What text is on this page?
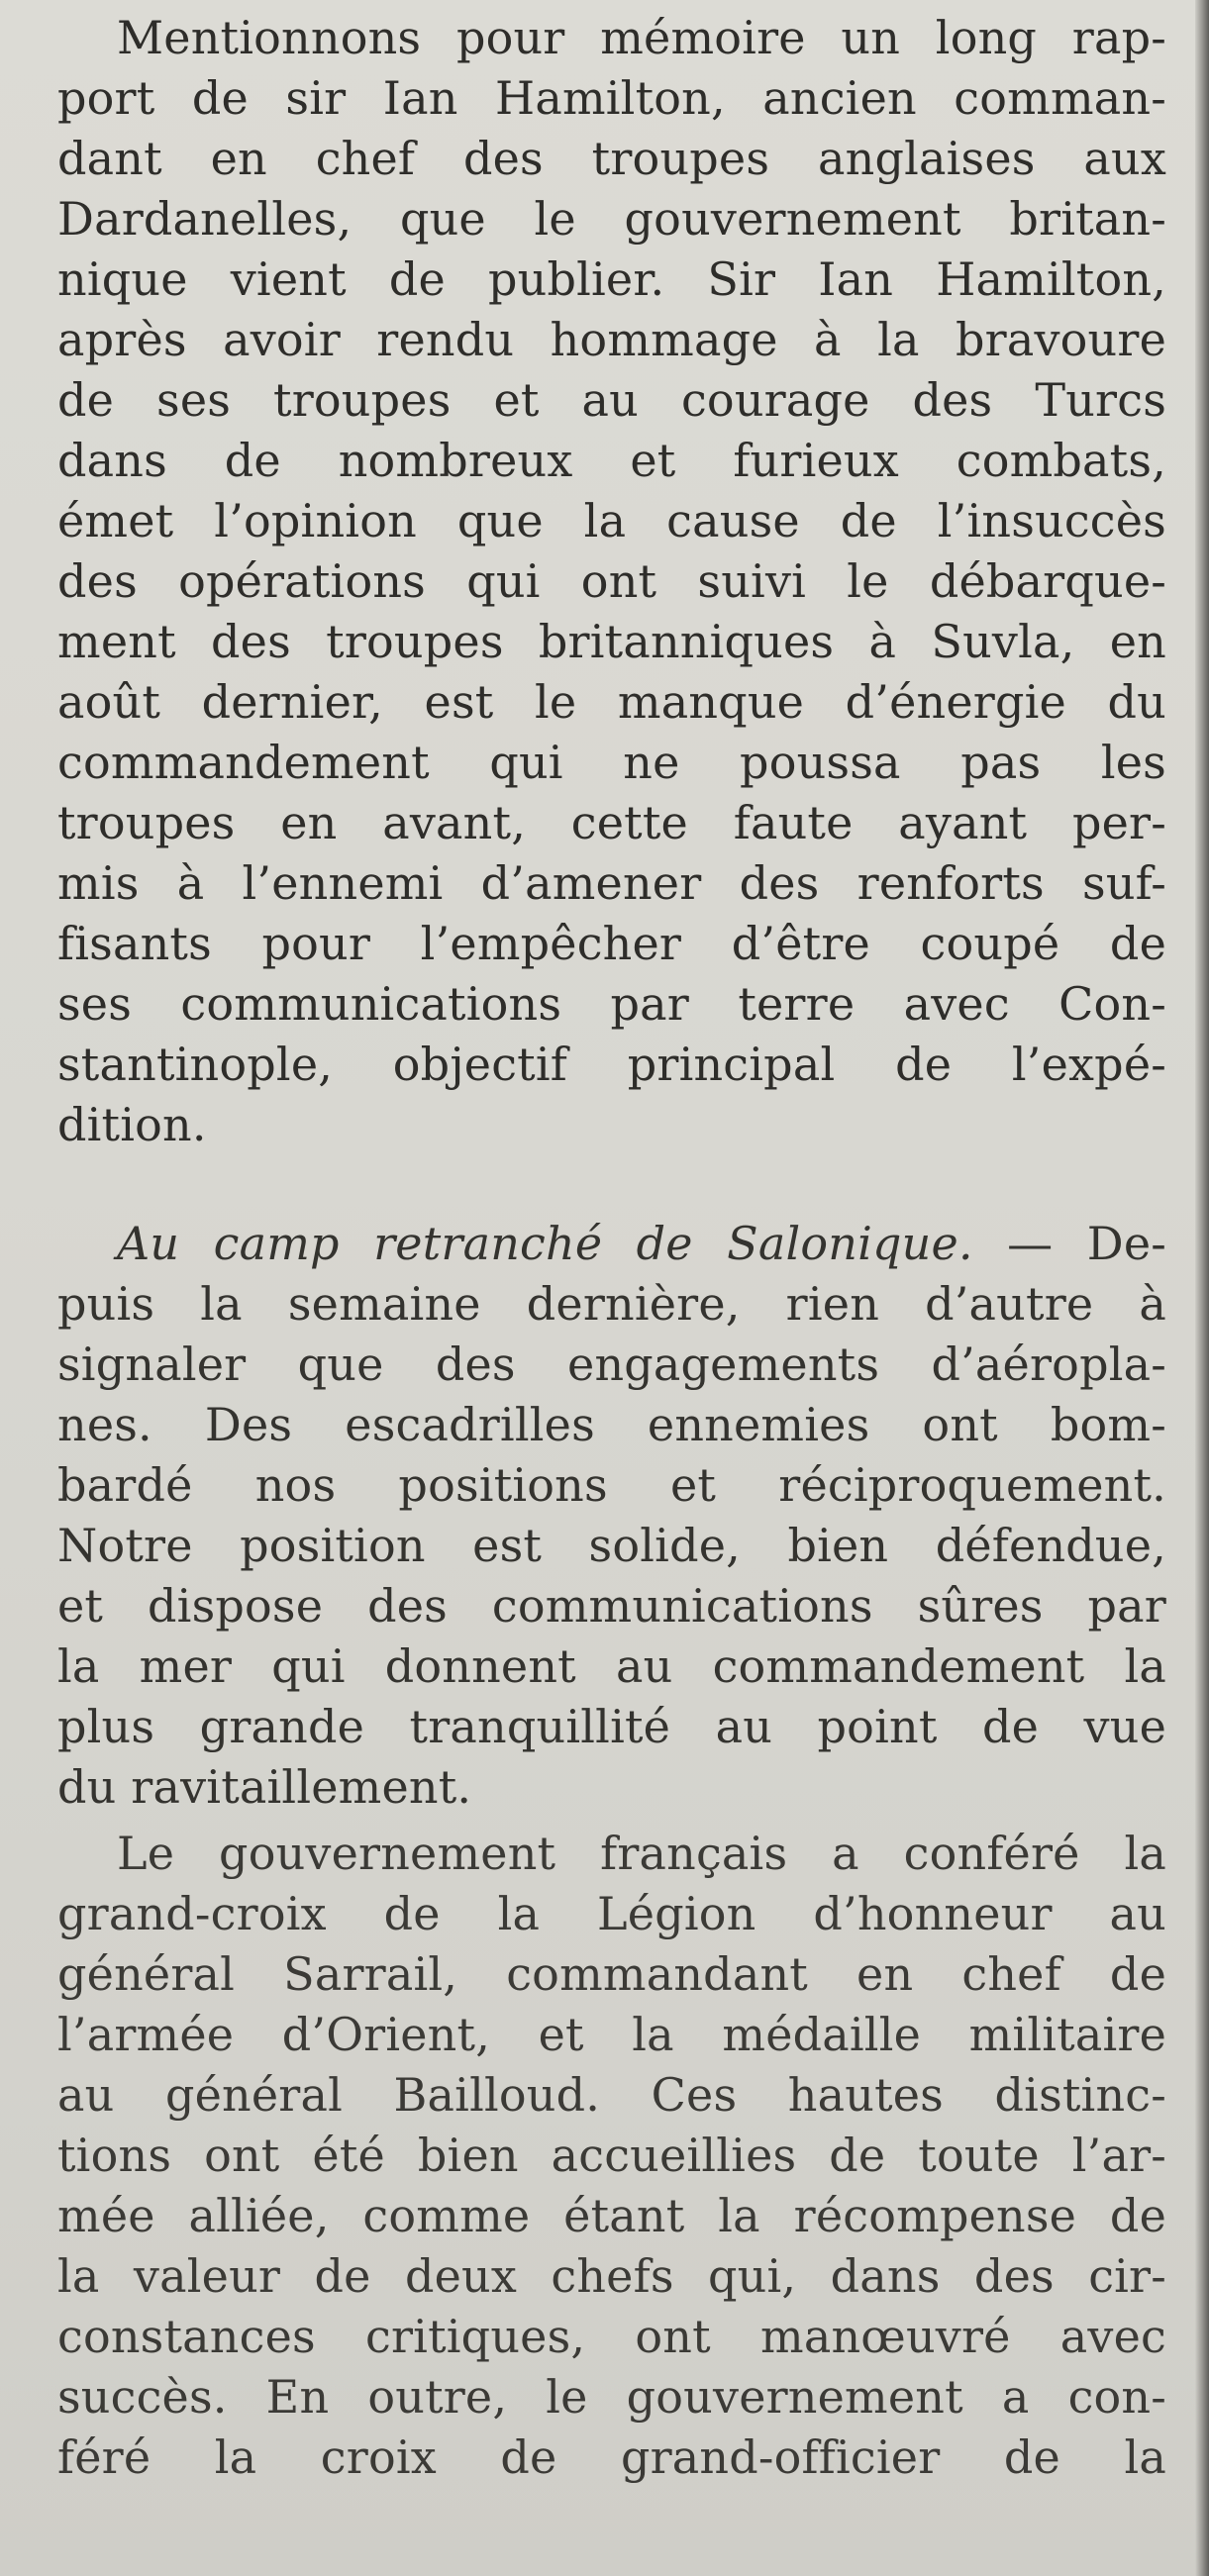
Mentionnons pour mémoire un long rap-
port de sir Ian Hamilton, ancien comman-
dant en chef des troupes anglaises aux
Dardanelles, que le gouvernement britan-
nique vient de publier. Sir Ian Hamilton,
après avoir rendu hommage à la bravoure
de ses troupes et au courage des Turcs
dans de nombreux et furieux combats,
émet l’opinion que la cause de l’insuccès
des opérations qui ont suivi le débarque-
ment des troupes britanniques à Suvla, en
août dernier, est le manque d’énergie du
commandement qui ne poussa pas les
troupes en avant, cette faute ayant per-
mis à l’ennemi d’amener des renforts suf-
fisants pour l’empêcher d’être coupé de
ses communications par terre avec Con-
stantinople, objectif principal de l’expé-
dition.
Au camp retranché de Salonique. — De-
puis la semaine dernière, rien d’autre à
signaler que des engagements d’aéropla-
nes. Des escadrilles ennemies ont bom-
bardé nos positions et réciproquement.
Notre position est solide, bien défendue,
et dispose des communications sûres par
la mer qui donnent au commandement la
plus grande tranquillité au point de vue
du ravitaillement.
Le gouvernement français a conféré la
grand-croix de la Légion d’honneur au
général Sarrail, commandant en chef de
l’armée d’Orient, et la médaille militaire
au général Bailloud. Ces hautes distinc-
tions ont été bien accueillies de toute l’ar-
mée alliée, comme étant la récompense de
la valeur de deux chefs qui, dans des cir-
constances critiques, ont manœuvré avec
succès. En outre, le gouvernement a con-
féré la croix de grand-officier de la
